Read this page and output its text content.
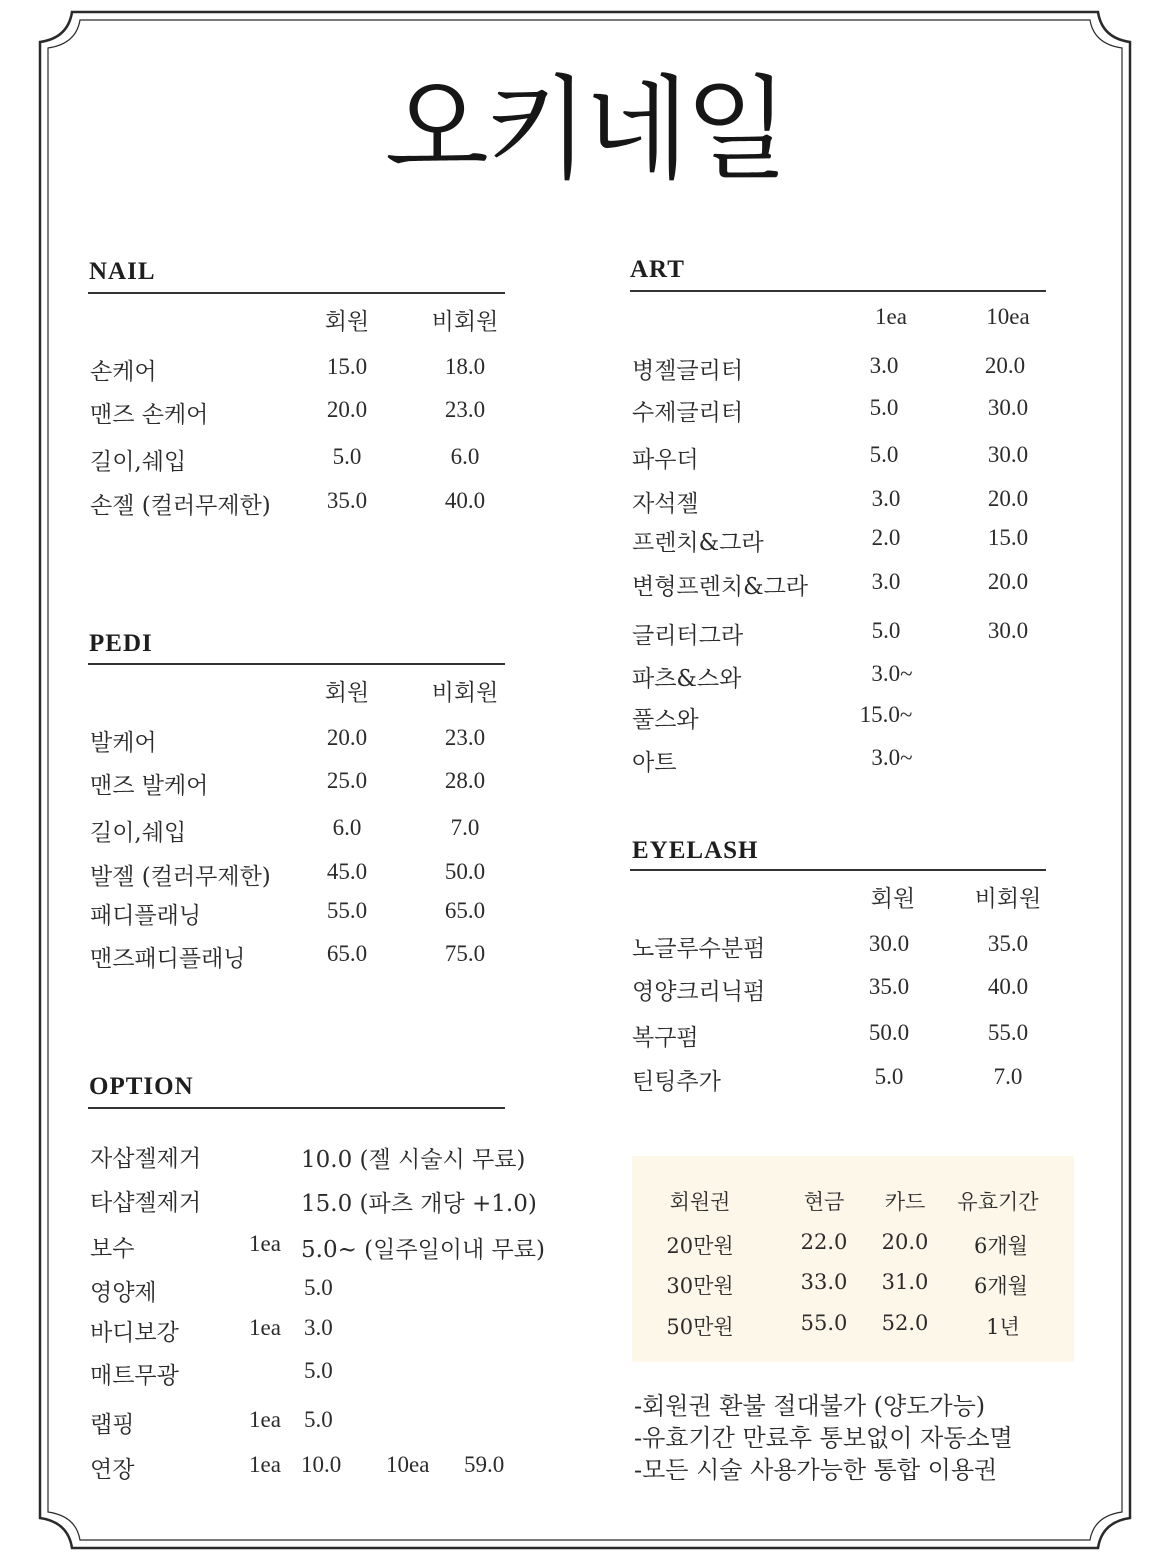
오키네일
NAIL
회원	비회원
손케어	15.0	18.0
맨즈 손케어	20.0	23.0
길이,쉐입	5.0	6.0
손젤 (컬러무제한) 35.0	40.0
PEDI
회원	비회원
발케어	20.0	23.0
맨즈 발케어	25.0	28.0
길이,쉐입	6.0	7.0
발젤 (컬러무제한) 45.0	50.0
패디플래닝	55.0	65.0
맨즈패디플래닝	65.0	75.0
OPTION
자삽젤제거	10.0 (젤 시술시 무료)
타샵젤제거	15.0 (파츠 개당 +1.0)
보수	1ea 5.0~ (일주일이내 무료)
영양제	5.0
바디보강	1ea 3.0
매트무광	5.0
랩핑	1ea 5.0
연장	1ea 10.0 10ea 59.0
ART
1ea	10ea
병젤글리터	3.0	20.0
수제글리터	5.0	30.0
파우더	5.0	30.0
자석젤	3.0	20.0
프렌치&그라	2.0	15.0
변형프렌치&그라	3.0	20.0
글리터그라	5.0	30.0
파츠&스와	3.0~
풀스와	15.0~
아트	3.0~
EYELASH
회원	비회원
노글루수분펌	30.0	35.0
영양크리닉펌	35.0	40.0
복구펌	50.0	55.0
틴팅추가	5.0	7.0
회원권	현금 카드 유효기간
20만원	22.0 20.0 6개월
30만원	33.0 31.0 6개월
50만원	55.0 52.0	1년
-회원권 환불 절대불가 (양도가능)
-유효기간 만료후 통보없이 자동소멸
-모든 시술 사용가능한 통합 이용권
